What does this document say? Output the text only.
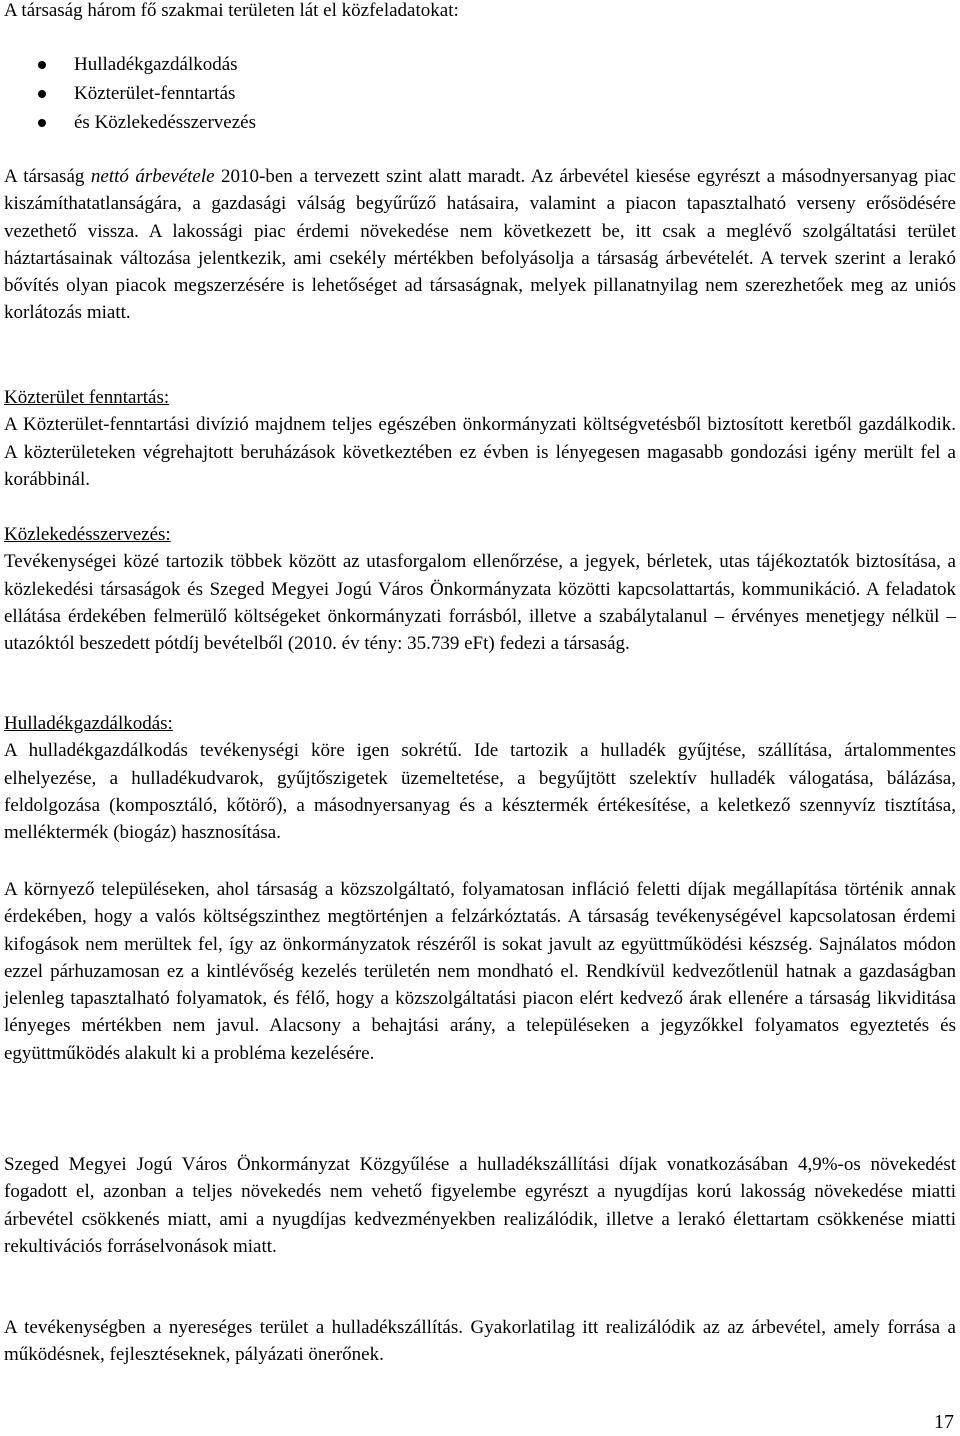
A társaság három fő szakmai területen lát el közfeladatokat:

Hulladékgazdálkodás
Közterület-fenntartás
és Közlekedésszervezés

A társaság nettó árbevétele 2010-ben a tervezett szint alatt maradt. Az árbevétel kiesése egyrészt a másodnyersanyag piac kiszámíthatatlanságára, a gazdasági válság begyűrűző hatásaira, valamint a piacon tapasztalható verseny erősödésére vezethető vissza. A lakossági piac érdemi növekedése nem következett be, itt csak a meglévő szolgáltatási terület háztartásainak változása jelentkezik, ami csekély mértékben befolyásolja a társaság árbevételét. A tervek szerint a lerakó bővítés olyan piacok megszerzésére is lehetőséget ad társaságnak, melyek pillanatnyilag nem szerezhetőek meg az uniós korlátozás miatt.

Közterület fenntartás:

A Közterület-fenntartási divízió majdnem teljes egészében önkormányzati költségvetésből biztosított keretből gazdálkodik. A közterületeken végrehajtott beruházások következtében ez évben is lényegesen magasabb gondozási igény merült fel a korábbinál.

Közlekedésszervezés:

Tevékenységei közé tartozik többek között az utasforgalom ellenőrzése, a jegyek, bérletek, utas tájékoztatók biztosítása, a közlekedési társaságok és Szeged Megyei Jogú Város Önkormányzata közötti kapcsolattartás, kommunikáció. A feladatok ellátása érdekében felmerülő költségeket önkormányzati forrásból, illetve a szabálytalanul – érvényes menetjegy nélkül – utazóktól beszedett pótdíj bevételből (2010. év tény: 35.739 eFt) fedezi a társaság.

Hulladékgazdálkodás:

A hulladékgazdálkodás tevékenységi köre igen sokrétű. Ide tartozik a hulladék gyűjtése, szállítása, ártalommentes elhelyezése, a hulladékudvarok, gyűjtőszigetek üzemeltetése, a begyűjtött szelektív hulladék válogatása, bálázása, feldolgozása (komposztáló, kőtörő), a másodnyersanyag és a késztermék értékesítése, a keletkező szennyvíz tisztítása, melléktermék (biogáz) hasznosítása.

A környező településeken, ahol társaság a közszolgáltató, folyamatosan infláció feletti díjak megállapítása történik annak érdekében, hogy a valós költségszinthez megtörténjen a felzárkóztatás. A társaság tevékenységével kapcsolatosan érdemi kifogások nem merültek fel, így az önkormányzatok részéről is sokat javult az együttműködési készség. Sajnálatos módon ezzel párhuzamosan ez a kintlévőség kezelés területén nem mondható el. Rendkívül kedvezőtlenül hatnak a gazdaságban jelenleg tapasztalható folyamatok, és félő, hogy a közszolgáltatási piacon elért kedvező árak ellenére a társaság likviditása lényeges mértékben nem javul. Alacsony a behajtási arány, a településeken a jegyzőkkel folyamatos egyeztetés és együttműködés alakult ki a probléma kezelésére.

Szeged Megyei Jogú Város Önkormányzat Közgyűlése a hulladékszállítási díjak vonatkozásában 4,9%-os növekedést fogadott el, azonban a teljes növekedés nem vehető figyelembe egyrészt a nyugdíjas korú lakosság növekedése miatti árbevétel csökkenés miatt, ami a nyugdíjas kedvezményekben realizálódik, illetve a lerakó élettartam csökkenése miatti rekultivációs forráselvonások miatt.

A tevékenységben a nyereséges terület a hulladékszállítás. Gyakorlatilag itt realizálódik az az árbevétel, amely forrása a működésnek, fejlesztéseknek, pályázati önerőnek.

17
